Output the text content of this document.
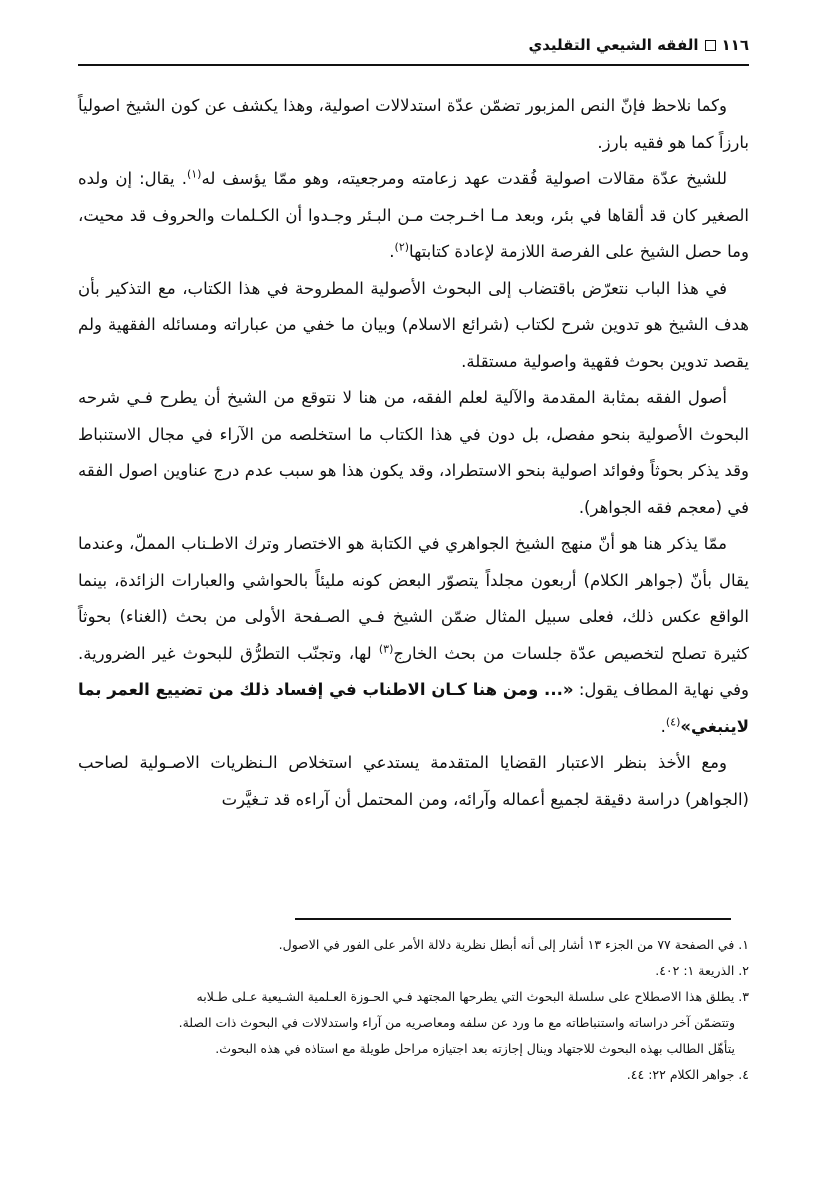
١١٦
الفقه الشيعي التقليدي

وكما نلاحظ فإنّ النص المزبور تضمّن عدّة استدلالات اصولية، وهذا يكشف عن كون الشيخ اصولياً بارزاً كما هو فقيه بارز.

للشيخ عدّة مقالات اصولية فُقدت عهد زعامته ومرجعيته، وهو ممّا يؤسف له$^{(١)}$. يقال: إن ولده الصغير كان قد ألقاها في بئر، وبعد مـا اخـرجت مـن البـئر وجـدوا أن الكـلمات والحروف قد محيت، وما حصل الشيخ على الفرصة اللازمة لإعادة كتابتها$^{(٢)}$.

في هذا الباب نتعرّض باقتضاب إلى البحوث الأصولية المطروحة في هذا الكتاب، مع التذكير بأن هدف الشيخ هو تدوين شرح لكتاب (شرائع الاسلام) وبيان ما خفي من عباراته ومسائله الفقهية ولم يقصد تدوين بحوث فقهية واصولية مستقلة.

أصول الفقه بمثابة المقدمة والآلية لعلم الفقه، من هنا لا نتوقع من الشيخ أن يطرح فـي شرحه البحوث الأصولية بنحو مفصل، بل دون في هذا الكتاب ما استخلصه من الآراء في مجال الاستنباط وقد يذكر بحوثاً وفوائد اصولية بنحو الاستطراد، وقد يكون هذا هو سبب عدم درج عناوين اصول الفقه في (معجم فقه الجواهر).

ممّا يذكر هنا هو أنّ منهج الشيخ الجواهري في الكتابة هو الاختصار وترك الاطـناب المملّ، وعندما يقال بأنّ (جواهر الكلام) أربعون مجلداً يتصوّر البعض كونه مليئاً بالحواشي والعبارات الزائدة، بينما الواقع عكس ذلك، فعلى سبيل المثال ضمّن الشيخ فـي الصـفحة الأولى من بحث (الغناء) بحوثاً كثيرة تصلح لتخصيص عدّة جلسات من بحث الخارج$^{(٣)}$ لها، وتجنّب التطرُّق للبحوث غير الضرورية. وفي نهاية المطاف يقول: «... ومن هنا كـان الاطناب في إفساد ذلك من تضييع العمر بما لاينبغي»$^{(٤)}$.

ومع الأخذ بنظر الاعتبار القضايا المتقدمة يستدعي استخلاص الـنظريات الاصـولية لصاحب (الجواهر) دراسة دقيقة لجميع أعماله وآرائه، ومن المحتمل أن آراءه قد تـغيَّرت

١. في الصفحة ٧٧ من الجزء ١٣ أشار إلى أنه أبطل نظرية دلالة الأمر على الفور في الاصول.

٢. الذريعة ١: ٤٠٢.

٣. يطلق هذا الاصطلاح على سلسلة البحوث التي يطرحها المجتهد فـي الحـوزة العـلمية الشـيعية عـلى طـلابه

وتتضمّن آخر دراساته واستنباطاته مع ما ورد عن سلفه ومعاصريه من آراء واستدلالات في البحوث ذات الصلة.

يتأهّل الطالب بهذه البحوث للاجتهاد وينال إجازته بعد اجتيازه مراحل طويلة مع استاذه في هذه البحوث.

٤. جواهر الكلام ٢٢: ٤٤.
